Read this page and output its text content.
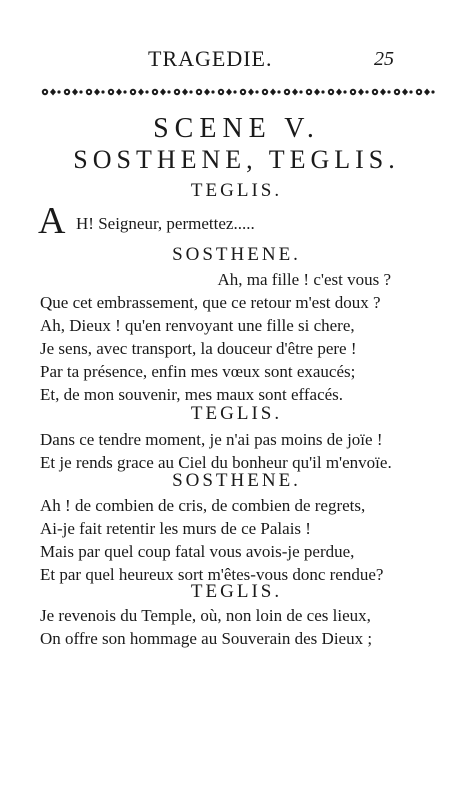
TRAGEDIE.	25
SCENE V.
SOSTHENE, TEGLIS.
TEGLIS.
A H! Seigneur, permettez.....
SOSTHENE.
Ah, ma fille ! c'est vous ?
Que cet embrassement, que ce retour m'est doux ?
Ah, Dieux ! qu'en renvoyant une fille si chere,
Je sens, avec transport, la douceur d'être pere !
Par ta présence, enfin mes vœux sont exaucés;
Et, de mon souvenir, mes maux sont effacés.
TEGLIS.
Dans ce tendre moment, je n'ai pas moins de joïe !
Et je rends grace au Ciel du bonheur qu'il m'envoïe.
SOSTHENE.
Ah ! de combien de cris, de combien de regrets,
Ai-je fait retentir les murs de ce Palais !
Mais par quel coup fatal vous avois-je perdue,
Et par quel heureux sort m'êtes-vous donc rendue?
TEGLIS.
Je revenois du Temple, où, non loin de ces lieux,
On offre son hommage au Souverain des Dieux ;
